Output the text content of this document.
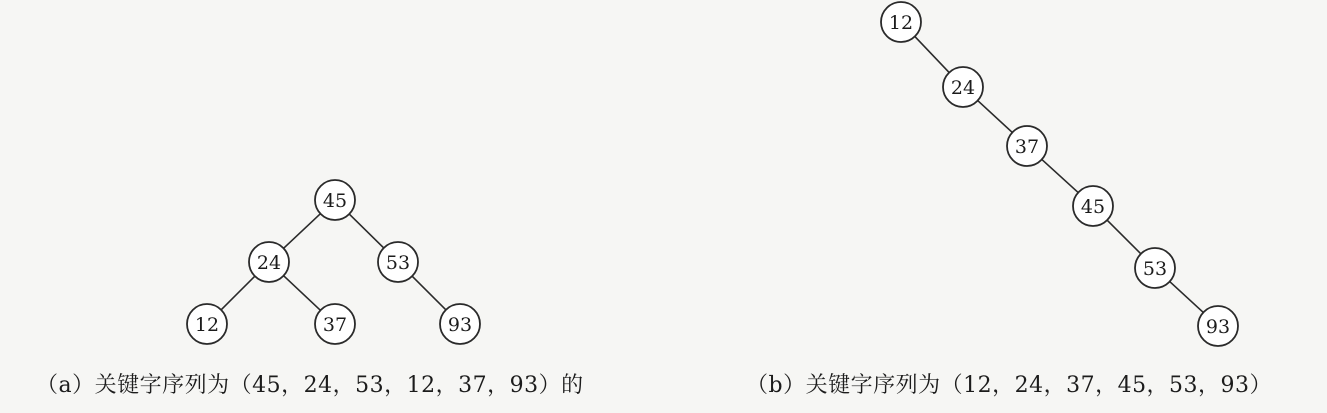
45
24	53
12	37	93
12
24
37
45
53
93
（a）关键字序列为（45，24，53，12，37，93）的	（b）关键字序列为（12，24，37，45，53，93）
